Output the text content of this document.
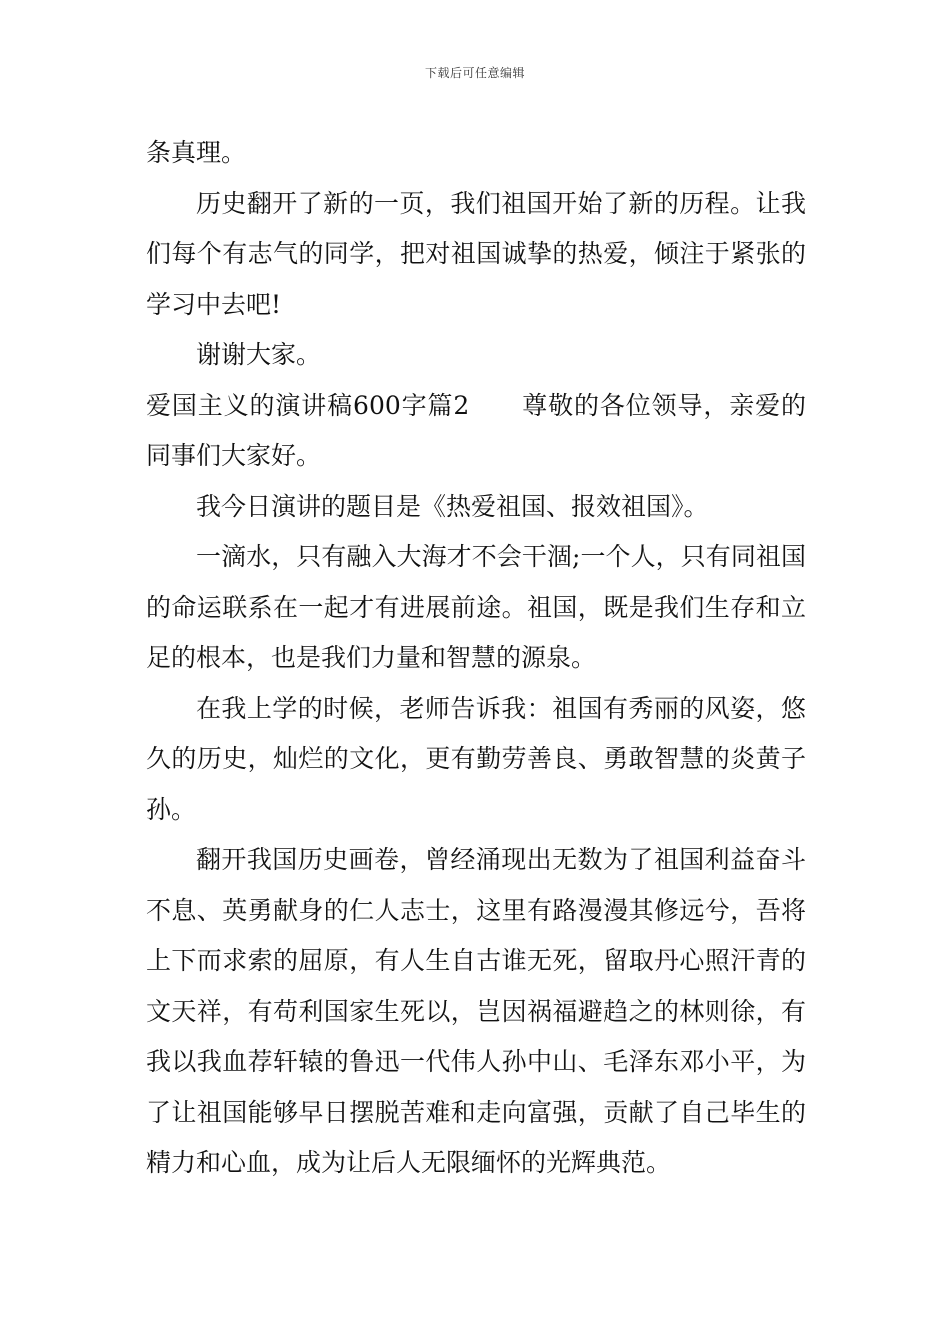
下载后可任意编辑

条真理。

历史翻开了新的一页，我们祖国开始了新的历程。让我们每个有志气的同学，把对祖国诚挚的热爱，倾注于紧张的学习中去吧!

谢谢大家。

爱国主义的演讲稿600字篇2 尊敬的各位领导，亲爱的同事们大家好。

我今日演讲的题目是《热爱祖国、报效祖国》。

一滴水，只有融入大海才不会干涸;一个人，只有同祖国的命运联系在一起才有进展前途。祖国，既是我们生存和立足的根本，也是我们力量和智慧的源泉。

在我上学的时候，老师告诉我：祖国有秀丽的风姿，悠久的历史，灿烂的文化，更有勤劳善良、勇敢智慧的炎黄子孙。

翻开我国历史画卷，曾经涌现出无数为了祖国利益奋斗不息、英勇献身的仁人志士，这里有路漫漫其修远兮，吾将上下而求索的屈原，有人生自古谁无死，留取丹心照汗青的文天祥，有苟利国家生死以，岂因祸福避趋之的林则徐，有我以我血荐轩辕的鲁迅一代伟人孙中山、毛泽东邓小平，为了让祖国能够早日摆脱苦难和走向富强，贡献了自己毕生的精力和心血，成为让后人无限缅怀的光辉典范。
